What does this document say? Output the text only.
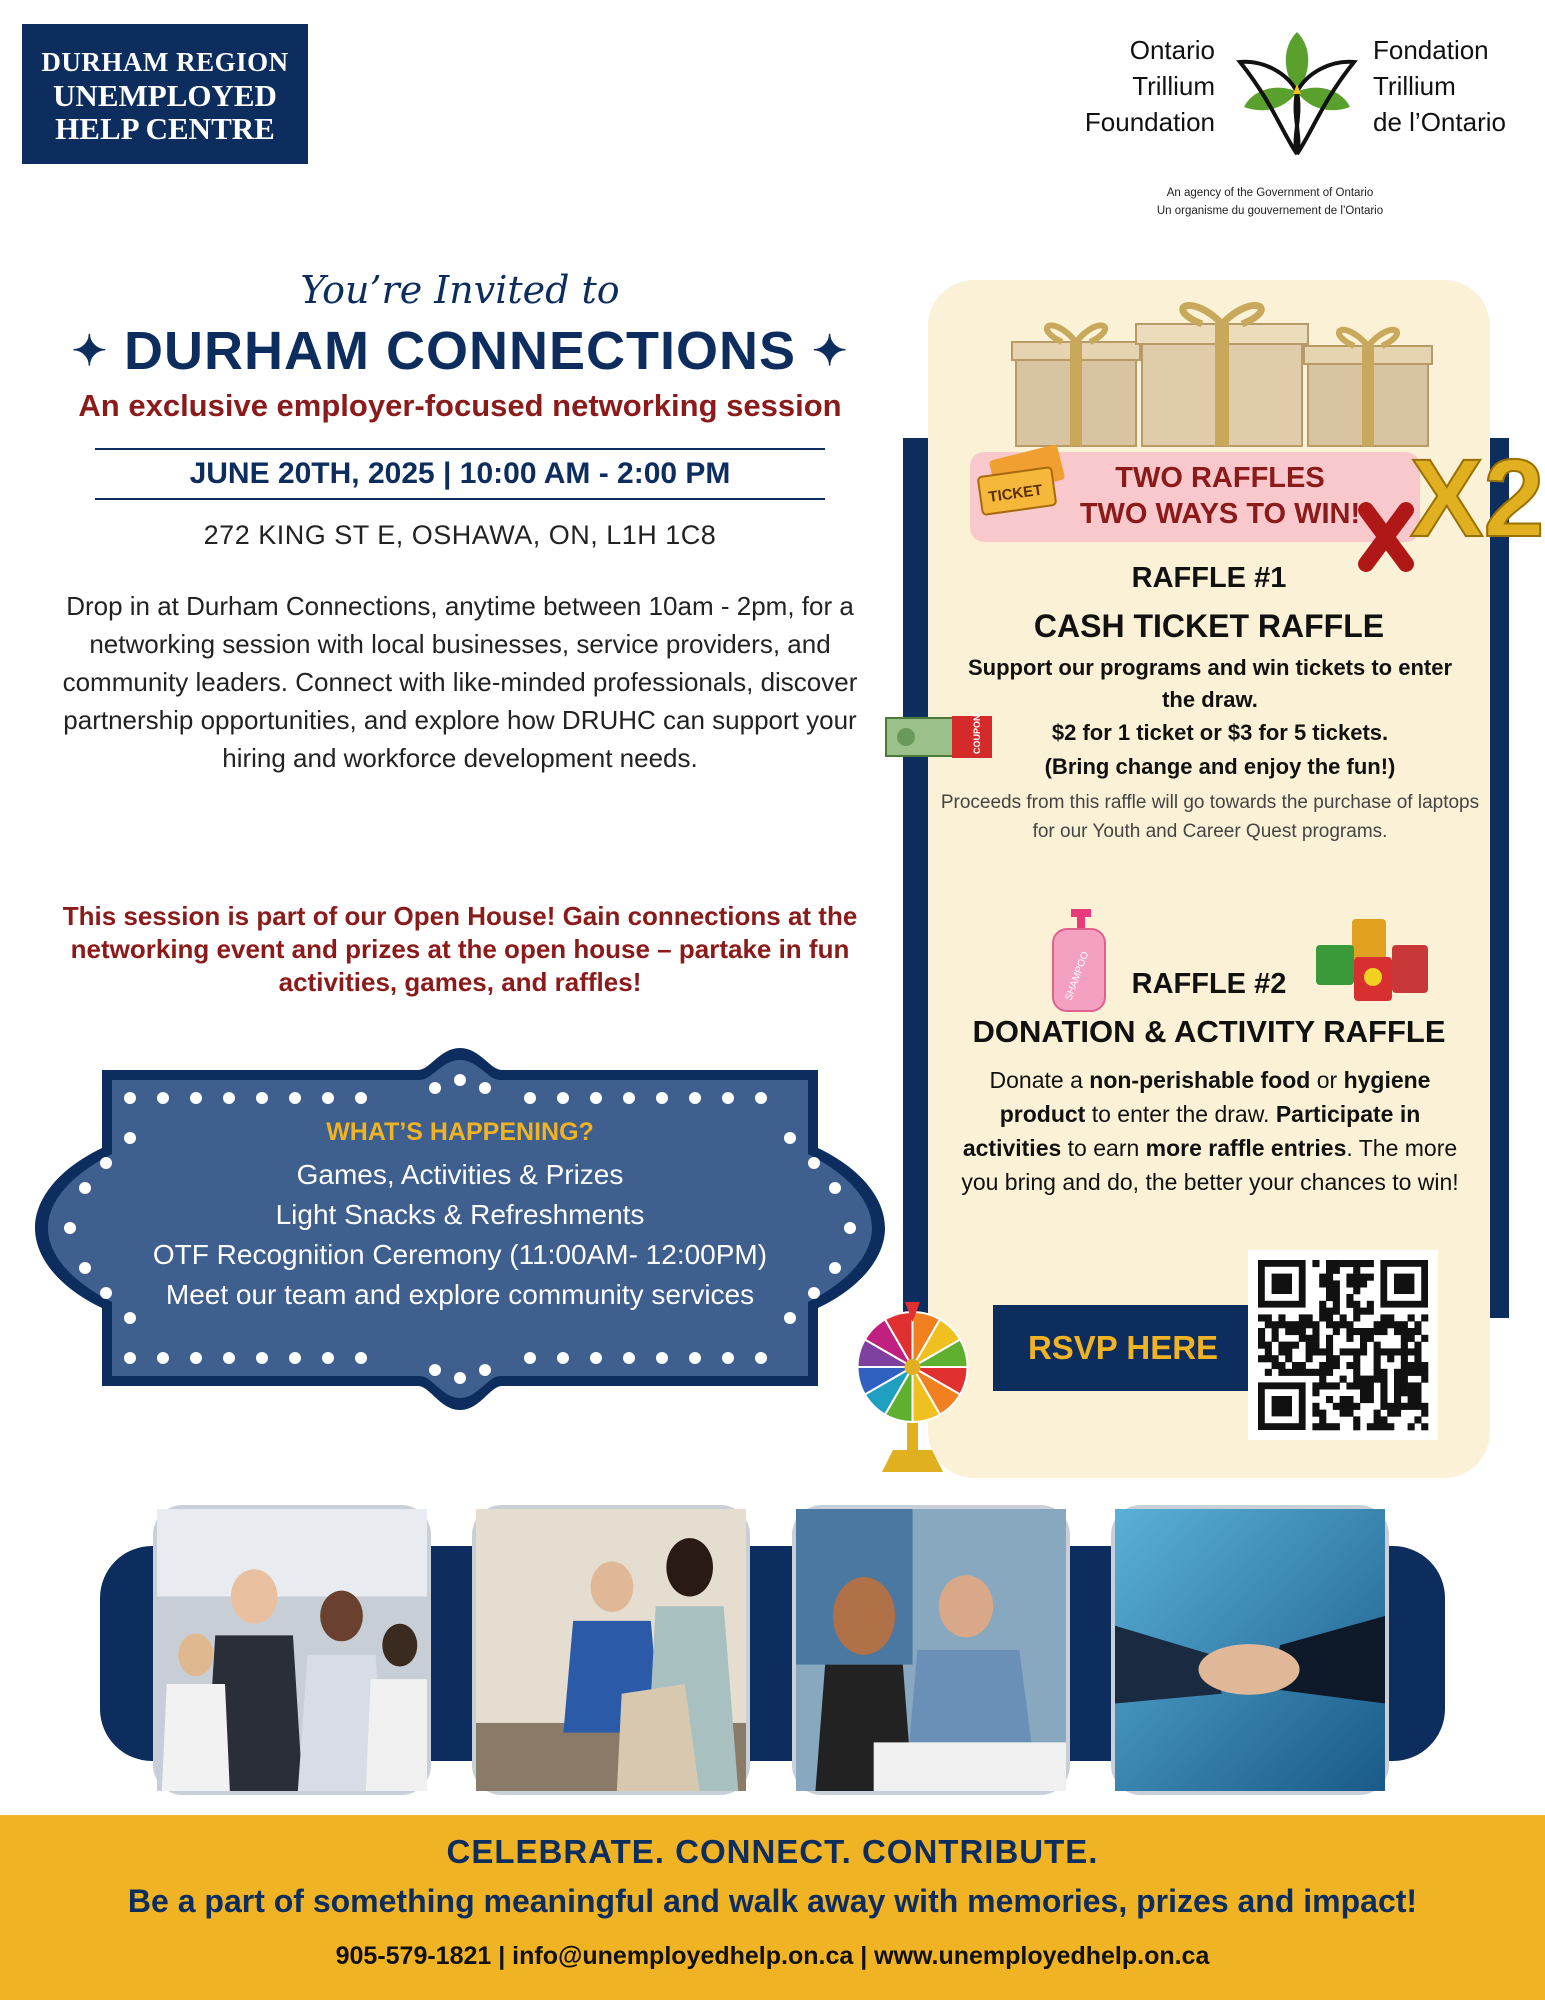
DURHAM REGION
UNEMPLOYED
HELP CENTRE
Ontario
Trillium
Foundation
Fondation
Trillium
de l’Ontario
An agency of the Government of Ontario
Un organisme du gouvernement de l’Ontario
You’re Invited to
✦ DURHAM CONNECTIONS ✦
An exclusive employer-focused networking session
JUNE 20TH, 2025 | 10:00 AM - 2:00 PM
272 KING ST E, OSHAWA, ON, L1H 1C8
Drop in at Durham Connections, anytime between 10am - 2pm, for a networking session with local businesses, service providers, and community leaders. Connect with like-minded professionals, discover partnership opportunities, and explore how DRUHC can support your hiring and workforce development needs.
This session is part of our Open House! Gain connections at the networking event and prizes at the open house – partake in fun activities, games, and raffles!
WHAT’S HAPPENING?
Games, Activities & Prizes
Light Snacks & Refreshments
OTF Recognition Ceremony (11:00AM- 12:00PM)
Meet our team and explore community services
TICKET	TWO RAFFLES
TWO WAYS TO WIN! X2
RAFFLE #1
CASH TICKET RAFFLE
Support our programs and win tickets to enter the draw.
COUPON	$2 for 1 ticket or $3 for 5 tickets.
(Bring change and enjoy the fun!)
Proceeds from this raffle will go towards the purchase of laptops for our Youth and Career Quest programs.
SHAMPOO	RAFFLE #2
DONATION & ACTIVITY RAFFLE
Donate a non-perishable food or hygiene product to enter the draw. Participate in activities to earn more raffle entries. The more you bring and do, the better your chances to win!
RSVP HERE
CELEBRATE. CONNECT. CONTRIBUTE.
Be a part of something meaningful and walk away with memories, prizes and impact!
905-579-1821 | info@unemployedhelp.on.ca | www.unemployedhelp.on.ca
